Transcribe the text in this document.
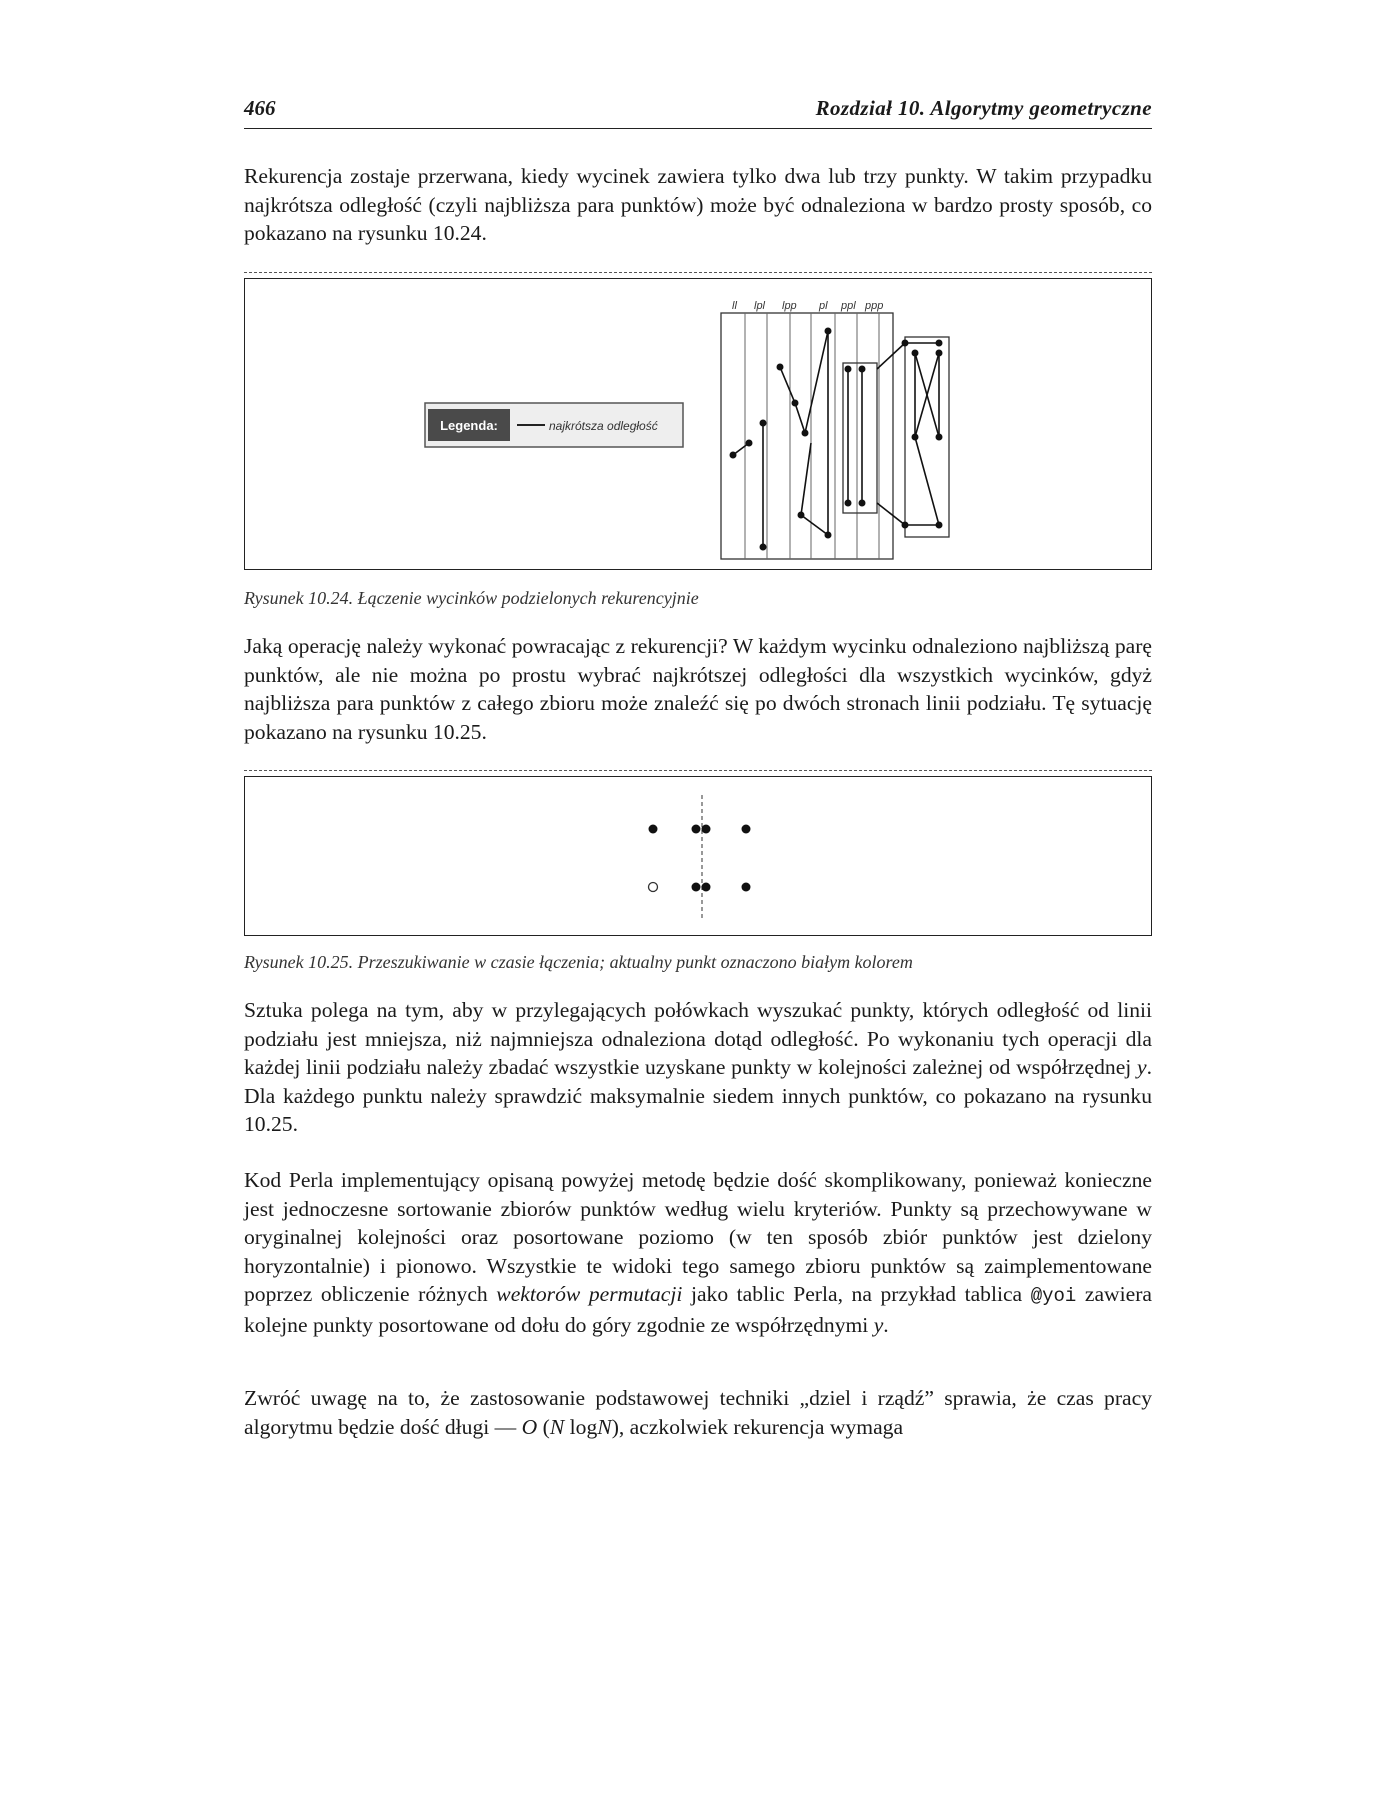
466	Rozdział 10. Algorytmy geometryczne

Rekurencja zostaje przerwana, kiedy wycinek zawiera tylko dwa lub trzy punkty. W takim przypadku najkrótsza odległość (czyli najbliższa para punktów) może być odnaleziona w bardzo prosty sposób, co pokazano na rysunku 10.24.

Legenda:	najkrótsza odległość
ll lpl lpp pl ppl ppp
Rysunek 10.24. Łączenie wycinków podzielonych rekurencyjnie

Jaką operację należy wykonać powracając z rekurencji? W każdym wycinku odnaleziono najbliższą parę punktów, ale nie można po prostu wybrać najkrótszej odległości dla wszystkich wycinków, gdyż najbliższa para punktów z całego zbioru może znaleźć się po dwóch stronach linii podziału. Tę sytuację pokazano na rysunku 10.25.

Rysunek 10.25. Przeszukiwanie w czasie łączenia; aktualny punkt oznaczono białym kolorem

Sztuka polega na tym, aby w przylegających połówkach wyszukać punkty, których odległość od linii podziału jest mniejsza, niż najmniejsza odnaleziona dotąd odległość. Po wykonaniu tych operacji dla każdej linii podziału należy zbadać wszystkie uzyskane punkty w kolejności zależnej od współrzędnej y. Dla każdego punktu należy sprawdzić maksymalnie siedem innych punktów, co pokazano na rysunku 10.25.

Kod Perla implementujący opisaną powyżej metodę będzie dość skomplikowany, ponieważ konieczne jest jednoczesne sortowanie zbiorów punktów według wielu kryteriów. Punkty są przechowywane w oryginalnej kolejności oraz posortowane poziomo (w ten sposób zbiór punktów jest dzielony horyzontalnie) i pionowo. Wszystkie te widoki tego samego zbioru punktów są zaimplementowane poprzez obliczenie różnych wektorów permutacji jako tablic Perla, na przykład tablica @yoi zawiera kolejne punkty posortowane od dołu do góry zgodnie ze współrzędnymi y.

Zwróć uwagę na to, że zastosowanie podstawowej techniki „dziel i rządź” sprawia, że czas pracy algorytmu będzie dość długi — O (N logN), aczkolwiek rekurencja wymaga
